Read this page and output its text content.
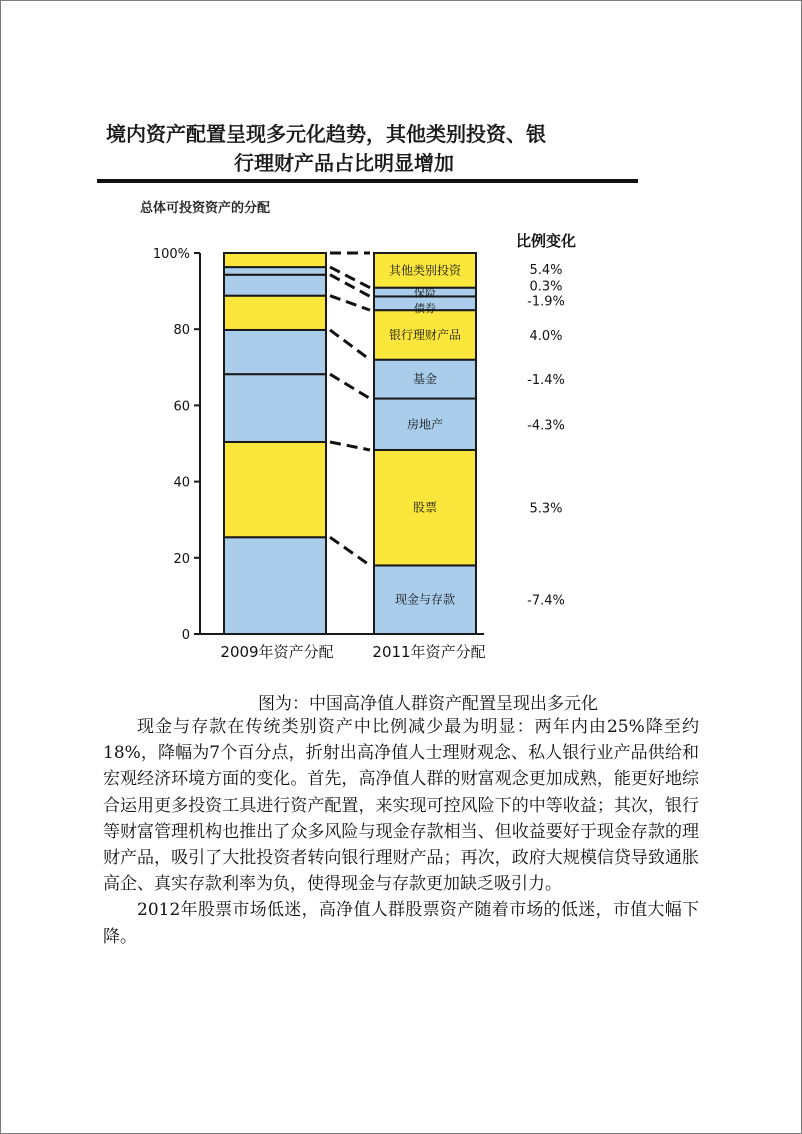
境内资产配置呈现多元化趋势，其他类别投资、银
行理财产品占比明显增加
总体可投资资产的分配
100%
80
60
40
20
0
现金与存款	-7.4%
股票	5.3%
房地产	-4.3%
基金	-1.4%
银行理财产品	4.0%
债券	-1.9%
保险	0.3%
其他类别投资	5.4%
比例变化
2009年资产分配	2011年资产分配
图为：中国高净值人群资产配置呈现出多元化

现金与存款在传统类别资产中比例减少最为明显：两年内由25%降至约18%，降幅为7个百分点，折射出高净值人士理财观念、私人银行业产品供给和宏观经济环境方面的变化。首先，高净值人群的财富观念更加成熟，能更好地综合运用更多投资工具进行资产配置，来实现可控风险下的中等收益；其次，银行等财富管理机构也推出了众多风险与现金存款相当、但收益要好于现金存款的理财产品，吸引了大批投资者转向银行理财产品；再次，政府大规模信贷导致通胀高企、真实存款利率为负，使得现金与存款更加缺乏吸引力。

2012年股票市场低迷，高净值人群股票资产随着市场的低迷，市值大幅下降。
